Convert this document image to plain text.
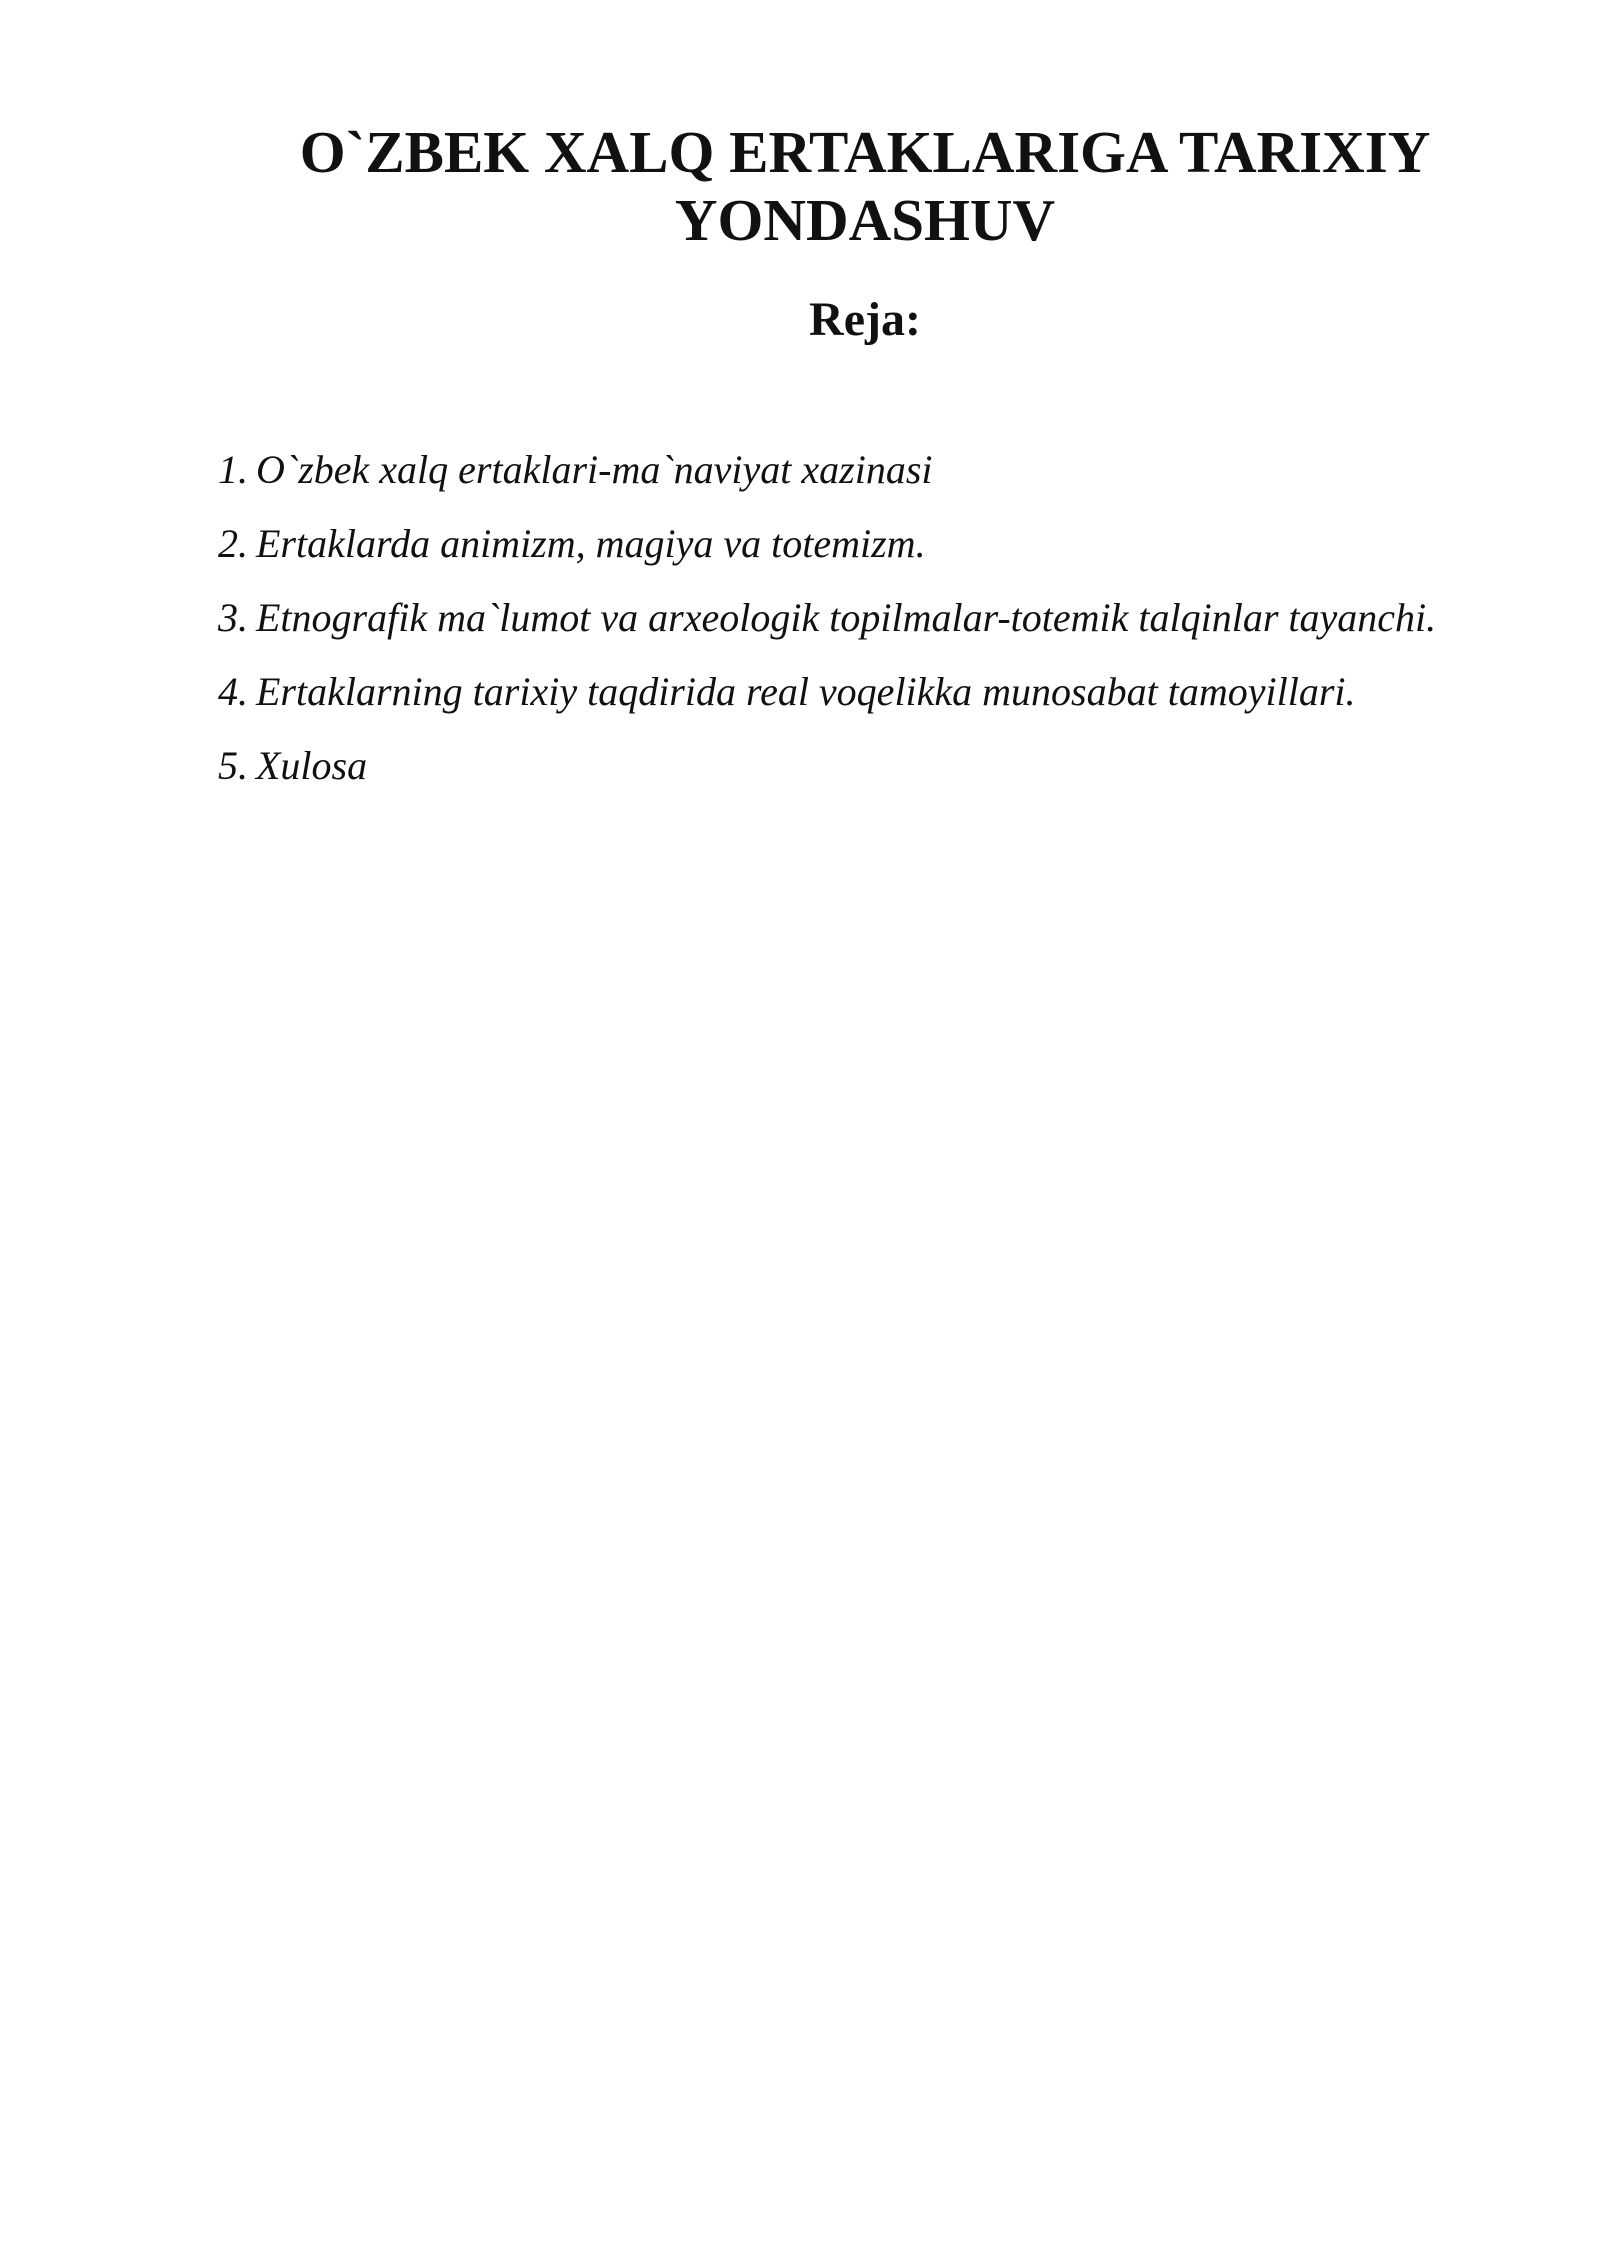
O`ZBEK XALQ ERTAKLARIGA TARIXIY
YONDASHUV
Reja:
1. O`zbek xalq ertaklari-ma`naviyat xazinasi
2. Ertaklarda animizm, magiya va totemizm.
3. Etnografik ma`lumot va arxeologik topilmalar-totemik talqinlar tayanchi.
4. Ertaklarning tarixiy taqdirida real voqelikka munosabat tamoyillari.
5. Xulosa
